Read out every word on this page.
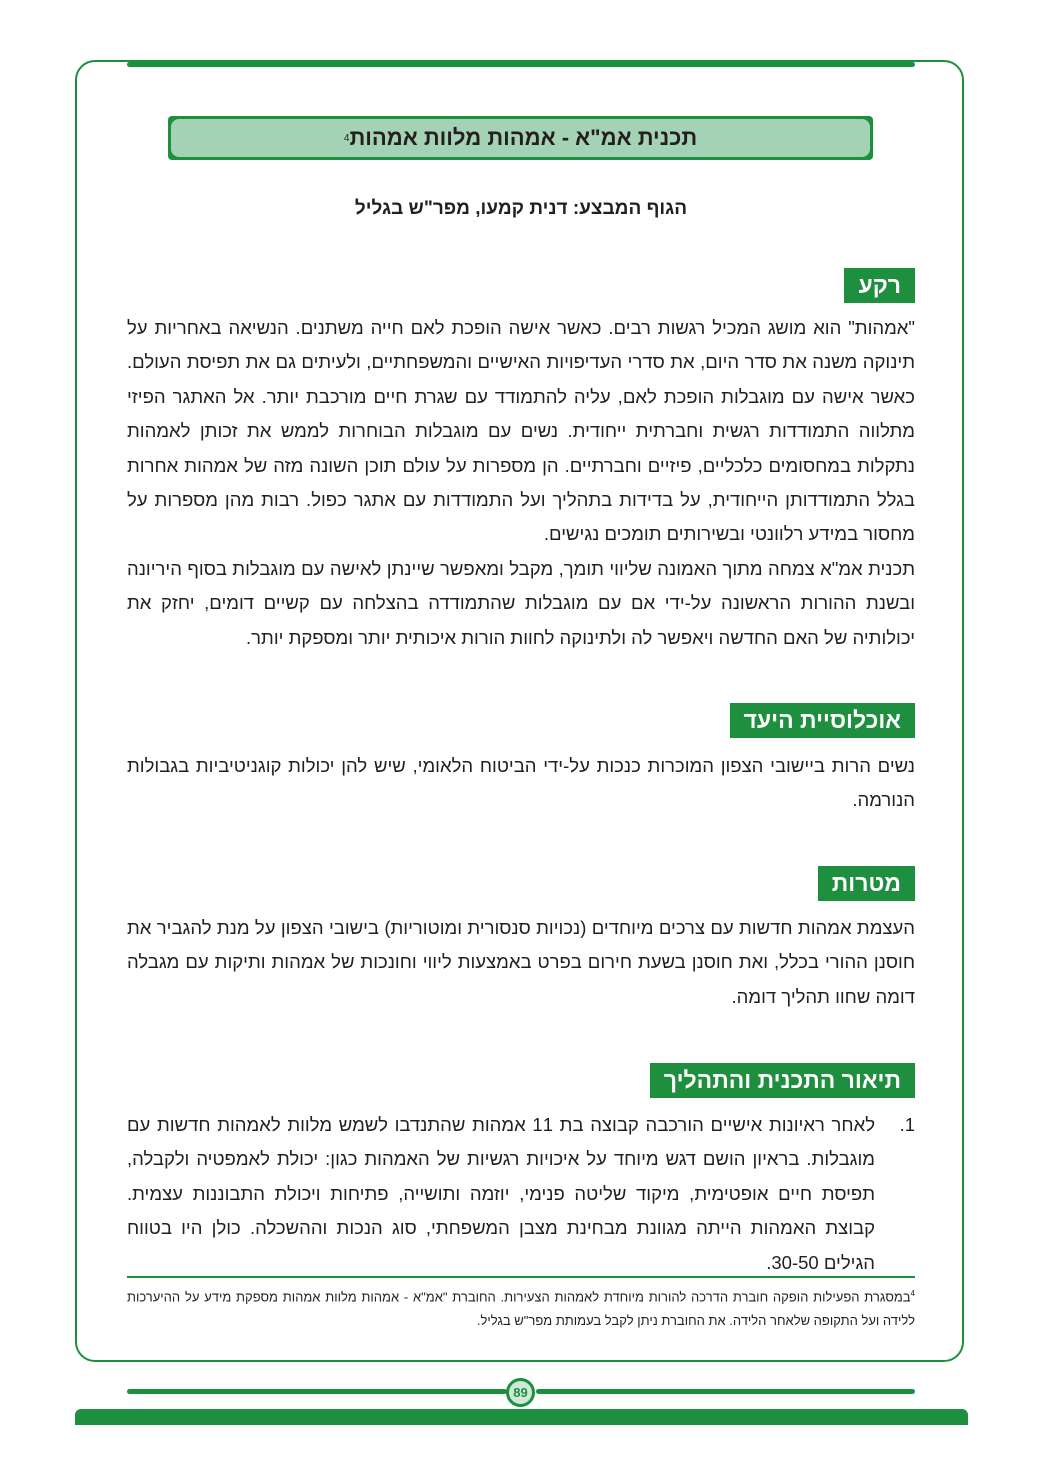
תכנית אמ"א - אמהות מלוות אמהות
4
הגוף המבצע: דנית קמעו, מפר"ש בגליל
רקע

"אמהות" הוא מושג המכיל רגשות רבים. כאשר אישה הופכת לאם חייה משתנים. הנשיאה באחריות על תינוקה משנה את סדר היום, את סדרי העדיפויות האישיים והמשפחתיים, ולעיתים גם את תפיסת העולם. כאשר אישה עם מוגבלות הופכת לאם, עליה להתמודד עם שגרת חיים מורכבת יותר. אל האתגר הפיזי מתלווה התמודדות רגשית וחברתית ייחודית. נשים עם מוגבלות הבוחרות לממש את זכותן לאמהות נתקלות במחסומים כלכליים, פיזיים וחברתיים. הן מספרות על עולם תוכן השונה מזה של אמהות אחרות בגלל התמודדותן הייחודית, על בדידות בתהליך ועל התמודדות עם אתגר כפול. רבות מהן מספרות על מחסור במידע רלוונטי ובשירותים תומכים נגישים.

תכנית אמ"א צמחה מתוך האמונה שליווי תומך, מקבל ומאפשר שיינתן לאישה עם מוגבלות בסוף היריונה ובשנת ההורות הראשונה על-ידי אם עם מוגבלות שהתמודדה בהצלחה עם קשיים דומים, יחזק את יכולותיה של האם החדשה ויאפשר לה ולתינוקה לחוות הורות איכותית יותר ומספקת יותר.

אוכלוסיית היעד

נשים הרות ביישובי הצפון המוכרות כנכות על-ידי הביטוח הלאומי, שיש להן יכולות קוגניטיביות בגבולות הנורמה.

מטרות

העצמת אמהות חדשות עם צרכים מיוחדים (נכויות סנסורית ומוטוריות) בישובי הצפון על מנת להגביר את חוסנן ההורי בכלל, ואת חוסנן בשעת חירום בפרט באמצעות ליווי וחונכות של אמהות ותיקות עם מגבלה דומה שחוו תהליך דומה.

תיאור התכנית והתהליך
1.
לאחר ראיונות אישיים הורכבה קבוצה בת 11 אמהות שהתנדבו לשמש מלוות לאמהות חדשות עם מוגבלות. בראיון הושם דגש מיוחד על איכויות רגשיות של האמהות כגון: יכולת לאמפטיה ולקבלה, תפיסת חיים אופטימית, מיקוד שליטה פנימי, יוזמה ותושייה, פתיחות ויכולת התבוננות עצמית. קבוצת האמהות הייתה מגוונת מבחינת מצבן המשפחתי, סוג הנכות וההשכלה. כולן היו בטווח הגילים 30-50.
$^4$במסגרת הפעילות הופקה חוברת הדרכה להורות מיוחדת לאמהות הצעירות. החוברת "אמ"א - אמהות מלוות אמהות מספקת מידע על ההיערכות ללידה ועל התקופה שלאחר הלידה. את החוברת ניתן לקבל בעמותת מפר"ש בגליל.
89
